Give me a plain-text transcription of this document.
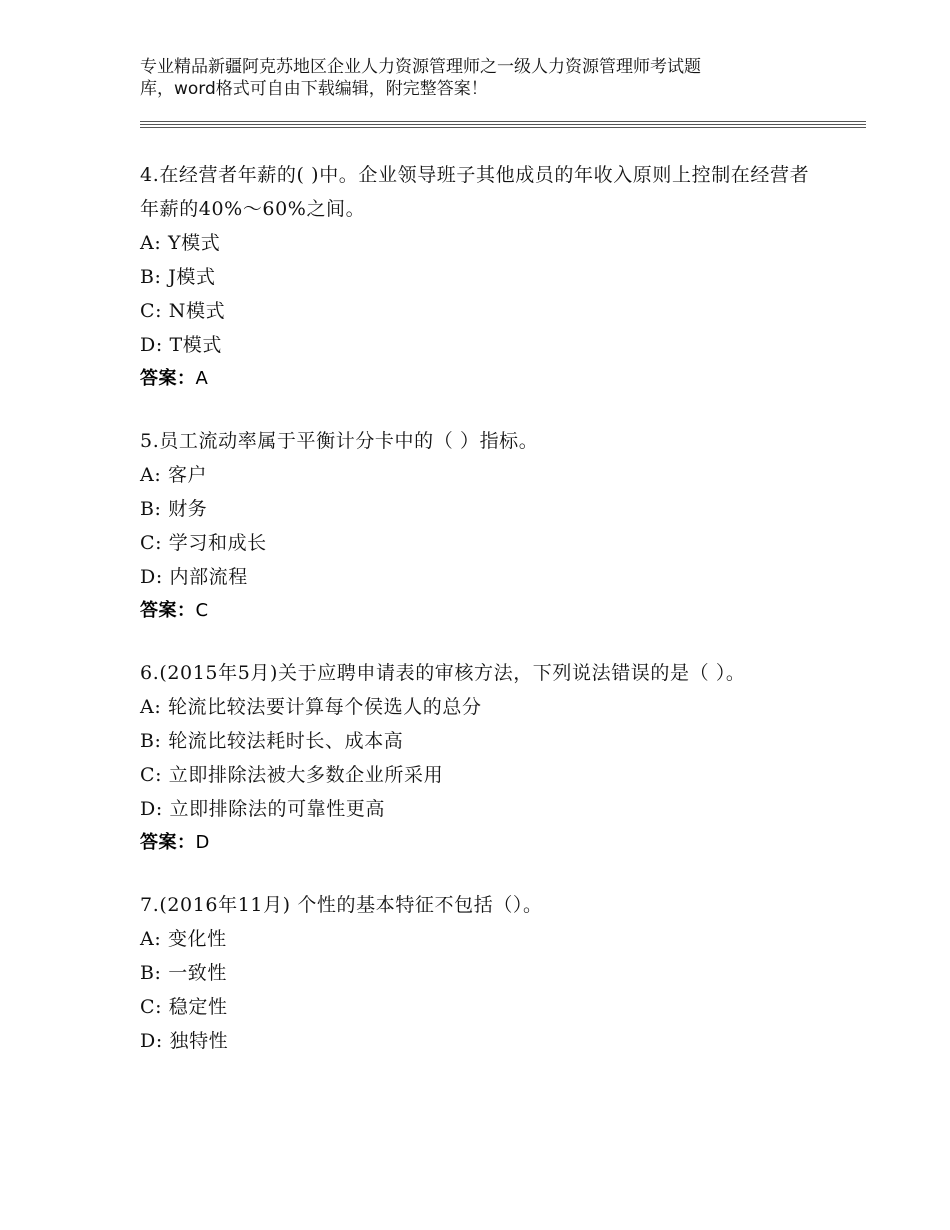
专业精品新疆阿克苏地区企业人力资源管理师之一级人力资源管理师考试题
库，word格式可自由下载编辑，附完整答案！
4.在经营者年薪的( )中。企业领导班子其他成员的年收入原则上控制在经营者年薪的40%～60%之间。
A: Y模式
B: J模式
C: N模式
D: T模式
答案：A
5.员工流动率属于平衡计分卡中的（ ）指标。
A: 客户
B: 财务
C: 学习和成长
D: 内部流程
答案：C
6.(2015年5月)关于应聘申请表的审核方法，下列说法错误的是（ ）。
A: 轮流比较法要计算每个侯选人的总分
B: 轮流比较法耗时长、成本高
C: 立即排除法被大多数企业所采用
D: 立即排除法的可靠性更高
答案：D
7.(2016年11月) 个性的基本特征不包括（）。
A: 变化性
B: 一致性
C: 稳定性
D: 独特性
